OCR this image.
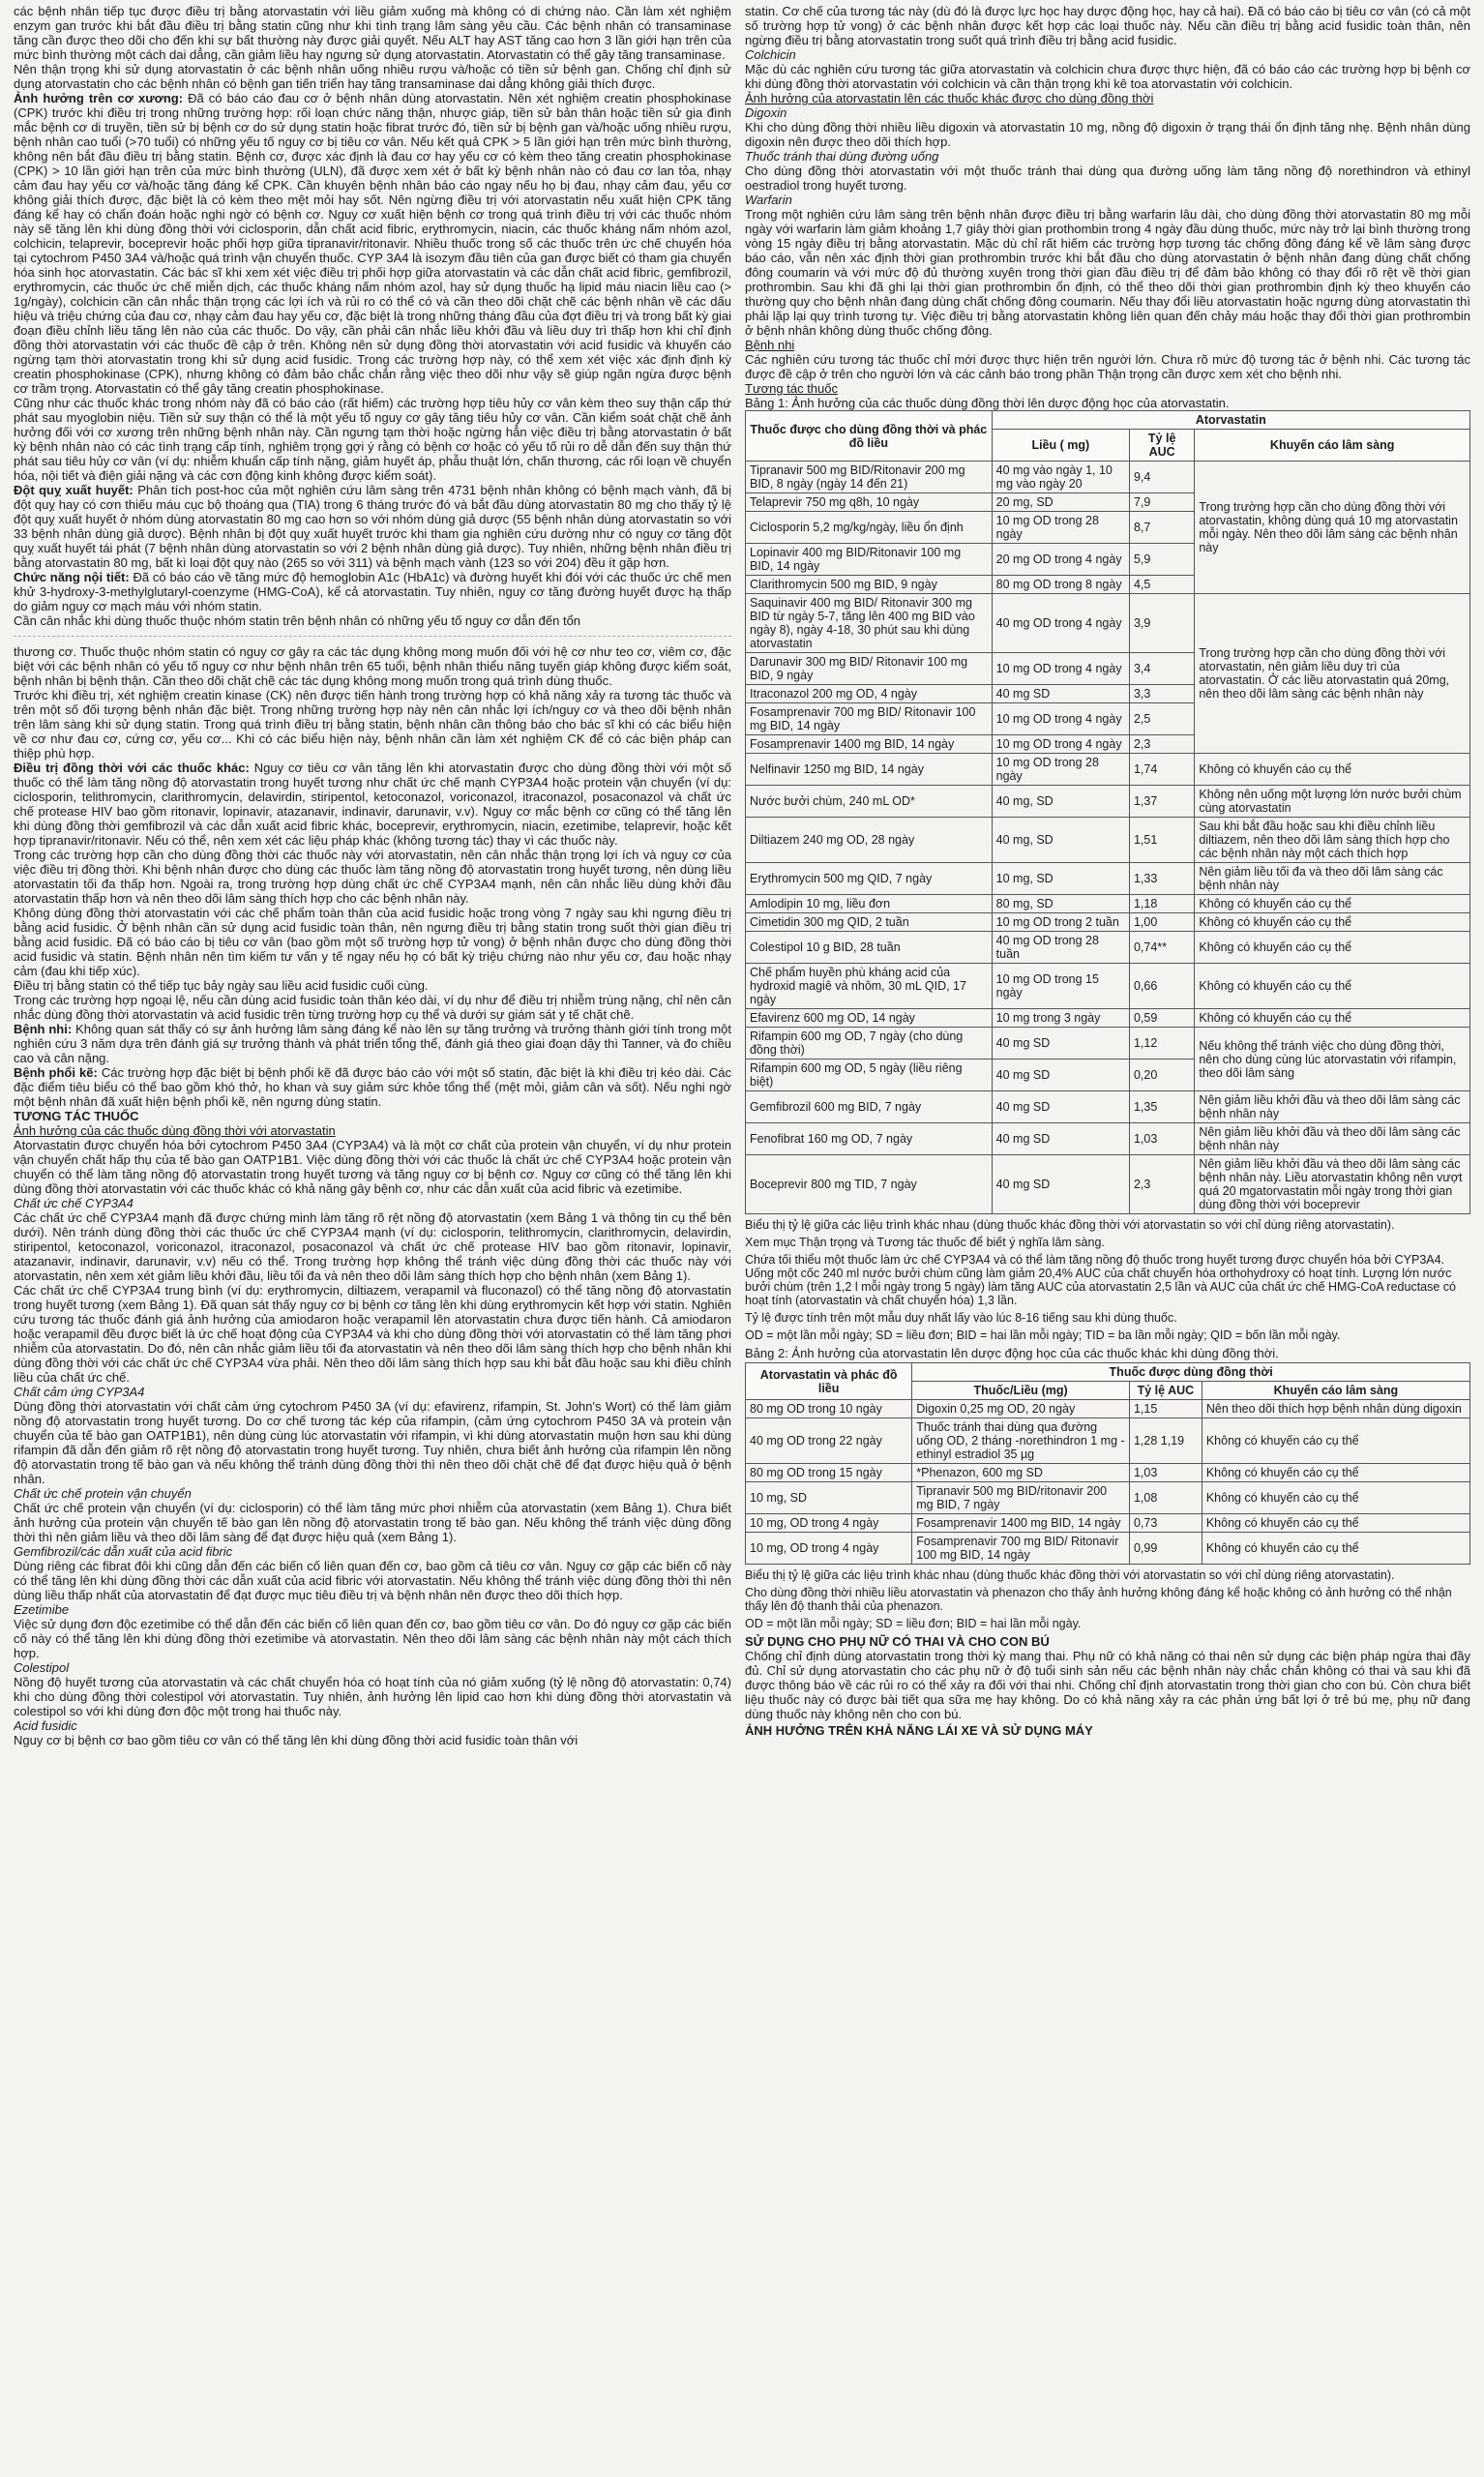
các bệnh nhân tiếp tục được điều trị bằng atorvastatin với liều giảm xuống mà không có di chứng nào. Cần làm xét nghiệm enzym gan trước khi bắt đầu điều trị bằng statin cũng như khi tình trạng lâm sàng yêu cầu. Các bệnh nhân có transaminase tăng cần được theo dõi cho đến khi sự bất thường này được giải quyết. Nếu ALT hay AST tăng cao hơn 3 lần giới hạn trên của mức bình thường một cách dai dẳng, cần giảm liều hay ngưng sử dụng atorvastatin. Atorvastatin có thể gây tăng transaminase.

Nên thận trọng khi sử dụng atorvastatin ở các bệnh nhân uống nhiều rượu và/hoặc có tiền sử bệnh gan. Chống chỉ định sử dụng atorvastatin cho các bệnh nhân có bệnh gan tiến triển hay tăng transaminase dai dẳng không giải thích được.

Ảnh hưởng trên cơ xương: Đã có báo cáo đau cơ ở bệnh nhân dùng atorvastatin. Nên xét nghiệm creatin phosphokinase (CPK) trước khi điều trị trong những trường hợp: rối loạn chức năng thận, nhược giáp, tiền sử bản thân hoặc tiền sử gia đình mắc bệnh cơ di truyền, tiền sử bị bệnh cơ do sử dụng statin hoặc fibrat trước đó, tiền sử bị bệnh gan và/hoặc uống nhiều rượu, bệnh nhân cao tuổi (>70 tuổi) có những yếu tố nguy cơ bị tiêu cơ vân. Nếu kết quả CPK > 5 lần giới hạn trên mức bình thường, không nên bắt đầu điều trị bằng statin. Bệnh cơ, được xác định là đau cơ hay yếu cơ có kèm theo tăng creatin phosphokinase (CPK) > 10 lần giới hạn trên của mức bình thường (ULN), đã được xem xét ở bất kỳ bệnh nhân nào có đau cơ lan tỏa, nhạy cảm đau hay yếu cơ và/hoặc tăng đáng kể CPK. Cần khuyên bệnh nhân báo cáo ngay nếu họ bị đau, nhạy cảm đau, yếu cơ không giải thích được, đặc biệt là có kèm theo mệt mỏi hay sốt. Nên ngừng điều trị với atorvastatin nếu xuất hiện CPK tăng đáng kể hay có chẩn đoán hoặc nghi ngờ có bệnh cơ. Nguy cơ xuất hiện bệnh cơ trong quá trình điều trị với các thuốc nhóm này sẽ tăng lên khi dùng đồng thời với ciclosporin, dẫn chất acid fibric, erythromycin, niacin, các thuốc kháng nấm nhóm azol, colchicin, telaprevir, boceprevir hoặc phối hợp giữa tipranavir/ritonavir. Nhiều thuốc trong số các thuốc trên ức chế chuyển hóa tại cytochrom P450 3A4 và/hoặc quá trình vận chuyển thuốc. CYP 3A4 là isozym đầu tiên của gan được biết có tham gia chuyển hóa sinh học atorvastatin. Các bác sĩ khi xem xét việc điều trị phối hợp giữa atorvastatin và các dẫn chất acid fibric, gemfibrozil, erythromycin, các thuốc ức chế miễn dịch, các thuốc kháng nấm nhóm azol, hay sử dụng thuốc hạ lipid máu niacin liều cao (> 1g/ngày), colchicin cần cân nhắc thận trọng các lợi ích và rủi ro có thể có và cần theo dõi chặt chẽ các bệnh nhân về các dấu hiệu và triệu chứng của đau cơ, nhạy cảm đau hay yếu cơ, đặc biệt là trong những tháng đầu của đợt điều trị và trong bất kỳ giai đoạn điều chỉnh liều tăng lên nào của các thuốc. Do vậy, cần phải cân nhắc liều khởi đầu và liều duy trì thấp hơn khi chỉ định đồng thời atorvastatin với các thuốc đề cập ở trên. Không nên sử dụng đồng thời atorvastatin với acid fusidic và khuyến cáo ngừng tạm thời atorvastatin trong khi sử dụng acid fusidic. Trong các trường hợp này, có thể xem xét việc xác định định kỳ creatin phosphokinase (CPK), nhưng không có đảm bảo chắc chắn rằng việc theo dõi như vậy sẽ giúp ngăn ngừa được bệnh cơ trầm trọng. Atorvastatin có thể gây tăng creatin phosphokinase.

Cũng như các thuốc khác trong nhóm này đã có báo cáo (rất hiếm) các trường hợp tiêu hủy cơ vân kèm theo suy thận cấp thứ phát sau myoglobin niệu. Tiền sử suy thận có thể là một yếu tố nguy cơ gây tăng tiêu hủy cơ vân. Cần kiểm soát chặt chẽ ảnh hưởng đối với cơ xương trên những bệnh nhân này. Cần ngưng tạm thời hoặc ngừng hẳn việc điều trị bằng atorvastatin ở bất kỳ bệnh nhân nào có các tình trạng cấp tính, nghiêm trọng gợi ý rằng có bệnh cơ hoặc có yếu tố rủi ro dễ dẫn đến suy thận thứ phát sau tiêu hủy cơ vân (ví dụ: nhiễm khuẩn cấp tính nặng, giảm huyết áp, phẫu thuật lớn, chấn thương, các rối loạn về chuyển hóa, nội tiết và điện giải nặng và các cơn động kinh không được kiểm soát).

Đột quỵ xuất huyết: Phân tích post-hoc của một nghiên cứu lâm sàng trên 4731 bệnh nhân không có bệnh mạch vành, đã bị đột quỵ hay có cơn thiếu máu cục bộ thoáng qua (TIA) trong 6 tháng trước đó và bắt đầu dùng atorvastatin 80 mg cho thấy tỷ lệ đột quỵ xuất huyết ở nhóm dùng atorvastatin 80 mg cao hơn so với nhóm dùng giả dược (55 bệnh nhân dùng atorvastatin so với 33 bệnh nhân dùng giả dược). Bệnh nhân bị đột quỵ xuất huyết trước khi tham gia nghiên cứu dường như có nguy cơ tăng đột quỵ xuất huyết tái phát (7 bệnh nhân dùng atorvastatin so với 2 bệnh nhân dùng giả dược). Tuy nhiên, những bệnh nhân điều trị bằng atorvastatin 80 mg, bất kì loại đột quỵ nào (265 so với 311) và bệnh mạch vành (123 so với 204) đều ít gặp hơn.

Chức năng nội tiết: Đã có báo cáo về tăng mức độ hemoglobin A1c (HbA1c) và đường huyết khi đói với các thuốc ức chế men khử 3-hydroxy-3-methylglutaryl-coenzyme (HMG-CoA), kể cả atorvastatin. Tuy nhiên, nguy cơ tăng đường huyết được hạ thấp do giảm nguy cơ mạch máu với nhóm statin.

Cần cân nhắc khi dùng thuốc thuộc nhóm statin trên bệnh nhân có những yếu tố nguy cơ dẫn đến tổn

thương cơ. Thuốc thuộc nhóm statin có nguy cơ gây ra các tác dụng không mong muốn đối với hệ cơ như teo cơ, viêm cơ, đặc biệt với các bệnh nhân có yếu tố nguy cơ như bệnh nhân trên 65 tuổi, bệnh nhân thiểu năng tuyến giáp không được kiểm soát, bệnh nhân bị bệnh thận. Cần theo dõi chặt chẽ các tác dụng không mong muốn trong quá trình dùng thuốc.

Trước khi điều trị, xét nghiệm creatin kinase (CK) nên được tiến hành trong trường hợp có khả năng xảy ra tương tác thuốc và trên một số đối tượng bệnh nhân đặc biệt. Trong những trường hợp này nên cân nhắc lợi ích/nguy cơ và theo dõi bệnh nhân trên lâm sàng khi sử dụng statin. Trong quá trình điều trị bằng statin, bệnh nhân cần thông báo cho bác sĩ khi có các biểu hiện về cơ như đau cơ, cứng cơ, yếu cơ... Khi có các biểu hiện này, bệnh nhân cần làm xét nghiệm CK để có các biện pháp can thiệp phù hợp.

Điều trị đồng thời với các thuốc khác: Nguy cơ tiêu cơ vân tăng lên khi atorvastatin được cho dùng đồng thời với một số thuốc có thể làm tăng nồng độ atorvastatin trong huyết tương như chất ức chế mạnh CYP3A4 hoặc protein vận chuyển (ví dụ: ciclosporin, telithromycin, clarithromycin, delavirdin, stiripentol, ketoconazol, voriconazol, itraconazol, posaconazol và chất ức chế protease HIV bao gồm ritonavir, lopinavir, atazanavir, indinavir, darunavir, v.v). Nguy cơ mắc bệnh cơ cũng có thể tăng lên khi dùng đồng thời gemfibrozil và các dẫn xuất acid fibric khác, boceprevir, erythromycin, niacin, ezetimibe, telaprevir, hoặc kết hợp tipranavir/ritonavir. Nếu có thể, nên xem xét các liệu pháp khác (không tương tác) thay vì các thuốc này.

Trong các trường hợp cần cho dùng đồng thời các thuốc này với atorvastatin, nên cân nhắc thận trọng lợi ích và nguy cơ của việc điều trị đồng thời. Khi bệnh nhân được cho dùng các thuốc làm tăng nồng độ atorvastatin trong huyết tương, nên dùng liều atorvastatin tối đa thấp hơn. Ngoài ra, trong trường hợp dùng chất ức chế CYP3A4 mạnh, nên cân nhắc liều dùng khởi đầu atorvastatin thấp hơn và nên theo dõi lâm sàng thích hợp cho các bệnh nhân này.

Không dùng đồng thời atorvastatin với các chế phẩm toàn thân của acid fusidic hoặc trong vòng 7 ngày sau khi ngưng điều trị bằng acid fusidic. Ở bệnh nhân cần sử dụng acid fusidic toàn thân, nên ngưng điều trị bằng statin trong suốt thời gian điều trị bằng acid fusidic. Đã có báo cáo bị tiêu cơ vân (bao gồm một số trường hợp tử vong) ở bệnh nhân được cho dùng đồng thời acid fusidic và statin. Bệnh nhân nên tìm kiếm tư vấn y tế ngay nếu họ có bất kỳ triệu chứng nào như yếu cơ, đau hoặc nhạy cảm (đau khi tiếp xúc).

Điều trị bằng statin có thể tiếp tục bảy ngày sau liều acid fusidic cuối cùng.

Trong các trường hợp ngoại lệ, nếu cần dùng acid fusidic toàn thân kéo dài, ví dụ như để điều trị nhiễm trùng nặng, chỉ nên cân nhắc dùng đồng thời atorvastatin và acid fusidic trên từng trường hợp cụ thể và dưới sự giám sát y tế chặt chẽ.

Bệnh nhi: Không quan sát thấy có sự ảnh hưởng lâm sàng đáng kể nào lên sự tăng trưởng và trưởng thành giới tính trong một nghiên cứu 3 năm dựa trên đánh giá sự trưởng thành và phát triển tổng thể, đánh giá theo giai đoạn dậy thì Tanner, và đo chiều cao và cân nặng.

Bệnh phổi kẽ: Các trường hợp đặc biệt bị bệnh phổi kẽ đã được báo cáo với một số statin, đặc biệt là khi điều trị kéo dài. Các đặc điểm tiêu biểu có thể bao gồm khó thở, ho khan và suy giảm sức khỏe tổng thể (mệt mỏi, giảm cân và sốt). Nếu nghi ngờ một bệnh nhân đã xuất hiện bệnh phổi kẽ, nên ngưng dùng statin.

TƯƠNG TÁC THUỐC

Ảnh hưởng của các thuốc dùng đồng thời với atorvastatin

Atorvastatin được chuyển hóa bởi cytochrom P450 3A4 (CYP3A4) và là một cơ chất của protein vận chuyển, ví dụ như protein vận chuyển chất hấp thụ của tế bào gan OATP1B1. Việc dùng đồng thời với các thuốc là chất ức chế CYP3A4 hoặc protein vận chuyển có thể làm tăng nồng độ atorvastatin trong huyết tương và tăng nguy cơ bị bệnh cơ. Nguy cơ cũng có thể tăng lên khi dùng đồng thời atorvastatin với các thuốc khác có khả năng gây bệnh cơ, như các dẫn xuất của acid fibric và ezetimibe.

Chất ức chế CYP3A4

Các chất ức chế CYP3A4 mạnh đã được chứng minh làm tăng rõ rệt nồng độ atorvastatin (xem Bảng 1 và thông tin cụ thể bên dưới). Nên tránh dùng đồng thời các thuốc ức chế CYP3A4 mạnh (ví dụ: ciclosporin, telithromycin, clarithromycin, delavirdin, stiripentol, ketoconazol, voriconazol, itraconazol, posaconazol và chất ức chế protease HIV bao gồm ritonavir, lopinavir, atazanavir, indinavir, darunavir, v.v) nếu có thể. Trong trường hợp không thể tránh việc dùng đồng thời các thuốc này với atorvastatin, nên xem xét giảm liều khởi đầu, liều tối đa và nên theo dõi lâm sàng thích hợp cho bệnh nhân (xem Bảng 1).

Các chất ức chế CYP3A4 trung bình (ví dụ: erythromycin, diltiazem, verapamil và fluconazol) có thể tăng nồng độ atorvastatin trong huyết tương (xem Bảng 1). Đã quan sát thấy nguy cơ bị bệnh cơ tăng lên khi dùng erythromycin kết hợp với statin. Nghiên cứu tương tác thuốc đánh giá ảnh hưởng của amiodaron hoặc verapamil lên atorvastatin chưa được tiến hành. Cả amiodaron hoặc verapamil đều được biết là ức chế hoạt động của CYP3A4 và khi cho dùng đồng thời với atorvastatin có thể làm tăng phơi nhiễm của atorvastatin. Do đó, nên cân nhắc giảm liều tối đa atorvastatin và nên theo dõi lâm sàng thích hợp cho bệnh nhân khi dùng đồng thời với các chất ức chế CYP3A4 vừa phải. Nên theo dõi lâm sàng thích hợp sau khi bắt đầu hoặc sau khi điều chỉnh liều của chất ức chế.

Chất cảm ứng CYP3A4

Dùng đồng thời atorvastatin với chất cảm ứng cytochrom P450 3A (ví dụ: efavirenz, rifampin, St. John's Wort) có thể làm giảm nồng độ atorvastatin trong huyết tương. Do cơ chế tương tác kép của rifampin, (cảm ứng cytochrom P450 3A và protein vận chuyển của tế bào gan OATP1B1), nên dùng cùng lúc atorvastatin với rifampin, vì khi dùng atorvastatin muộn hơn sau khi dùng rifampin đã dẫn đến giảm rõ rệt nồng độ atorvastatin trong huyết tương. Tuy nhiên, chưa biết ảnh hưởng của rifampin lên nồng độ atorvastatin trong tế bào gan và nếu không thể tránh dùng đồng thời thì nên theo dõi chặt chẽ để đạt được hiệu quả ở bệnh nhân.

Chất ức chế protein vận chuyển

Chất ức chế protein vận chuyển (ví dụ: ciclosporin) có thể làm tăng mức phơi nhiễm của atorvastatin (xem Bảng 1). Chưa biết ảnh hưởng của protein vận chuyển tế bào gan lên nồng độ atorvastatin trong tế bào gan. Nếu không thể tránh việc dùng đồng thời thì nên giảm liều và theo dõi lâm sàng để đạt được hiệu quả (xem Bảng 1).

Gemfibrozil/các dẫn xuất của acid fibric

Dùng riêng các fibrat đôi khi cũng dẫn đến các biến cố liên quan đến cơ, bao gồm cả tiêu cơ vân. Nguy cơ gặp các biến cố này có thể tăng lên khi dùng đồng thời các dẫn xuất của acid fibric với atorvastatin. Nếu không thể tránh việc dùng đồng thời thì nên dùng liều thấp nhất của atorvastatin để đạt được mục tiêu điều trị và bệnh nhân nên được theo dõi thích hợp.

Ezetimibe

Việc sử dụng đơn độc ezetimibe có thể dẫn đến các biến cố liên quan đến cơ, bao gồm tiêu cơ vân. Do đó nguy cơ gặp các biến cố này có thể tăng lên khi dùng đồng thời ezetimibe và atorvastatin. Nên theo dõi lâm sàng các bệnh nhân này một cách thích hợp.

Colestipol

Nồng độ huyết tương của atorvastatin và các chất chuyển hóa có hoạt tính của nó giảm xuống (tỷ lệ nồng độ atorvastatin: 0,74) khi cho dùng đồng thời colestipol với atorvastatin. Tuy nhiên, ảnh hưởng lên lipid cao hơn khi dùng đồng thời atorvastatin và colestipol so với khi dùng đơn độc một trong hai thuốc này.

Acid fusidic

Nguy cơ bị bệnh cơ bao gồm tiêu cơ vân có thể tăng lên khi dùng đồng thời acid fusidic toàn thân với

statin. Cơ chế của tương tác này (dù đó là được lực học hay dược động học, hay cả hai). Đã có báo cáo bị tiêu cơ vân (có cả một số trường hợp tử vong) ở các bệnh nhân được kết hợp các loại thuốc này. Nếu cần điều trị bằng acid fusidic toàn thân, nên ngừng điều trị bằng atorvastatin trong suốt quá trình điều trị bằng acid fusidic.

Colchicin

Mặc dù các nghiên cứu tương tác giữa atorvastatin và colchicin chưa được thực hiện, đã có báo cáo các trường hợp bị bệnh cơ khi dùng đồng thời atorvastatin với colchicin và cần thận trọng khi kê toa atorvastatin với colchicin.

Ảnh hưởng của atorvastatin lên các thuốc khác được cho dùng đồng thời

Digoxin

Khi cho dùng đồng thời nhiều liều digoxin và atorvastatin 10 mg, nồng độ digoxin ở trạng thái ổn định tăng nhẹ. Bệnh nhân dùng digoxin nên được theo dõi thích hợp.

Thuốc tránh thai dùng đường uống

Cho dùng đồng thời atorvastatin với một thuốc tránh thai dùng qua đường uống làm tăng nồng độ norethindron và ethinyl oestradiol trong huyết tương.

Warfarin

Trong một nghiên cứu lâm sàng trên bệnh nhân được điều trị bằng warfarin lâu dài, cho dùng đồng thời atorvastatin 80 mg mỗi ngày với warfarin làm giảm khoảng 1,7 giây thời gian prothombin trong 4 ngày đầu dùng thuốc, mức này trở lại bình thường trong vòng 15 ngày điều trị bằng atorvastatin. Mặc dù chỉ rất hiếm các trường hợp tương tác chống đông đáng kể về lâm sàng được báo cáo, vẫn nên xác định thời gian prothrombin trước khi bắt đầu cho dùng atorvastatin ở bệnh nhân đang dùng chất chống đông coumarin và với mức độ đủ thường xuyên trong thời gian đầu điều trị để đảm bảo không có thay đổi rõ rệt về thời gian prothrombin. Sau khi đã ghi lại thời gian prothrombin ổn định, có thể theo dõi thời gian prothrombin định kỳ theo khuyến cáo thường quy cho bệnh nhân đang dùng chất chống đông coumarin. Nếu thay đổi liều atorvastatin hoặc ngưng dùng atorvastatin thì phải lặp lại quy trình tương tự. Việc điều trị bằng atorvastatin không liên quan đến chảy máu hoặc thay đổi thời gian prothrombin ở bệnh nhân không dùng thuốc chống đông.

Bệnh nhi

Các nghiên cứu tương tác thuốc chỉ mới được thực hiện trên người lớn. Chưa rõ mức độ tương tác ở bệnh nhi. Các tương tác được đề cập ở trên cho người lớn và các cảnh báo trong phần Thận trọng cần được xem xét cho bệnh nhi.

Tương tác thuốc

Bảng 1: Ảnh hưởng của các thuốc dùng đồng thời lên dược động học của atorvastatin.

Thuốc được cho dùng đồng thời và phác đồ liều	Atorvastatin		
	Liều ( mg)	Tỷ lệ AUC	Khuyến cáo lâm sàng
Tipranavir 500 mg BID/Ritonavir 200 mg BID, 8 ngày (ngày 14 đến 21)	40 mg vào ngày 1, 10 mg vào ngày 20	9,4	Trong trường hợp cần cho dùng đồng thời với atorvastatin, không dùng quá 10 mg atorvastatin mỗi ngày. Nên theo dõi lâm sàng các bệnh nhân này
Telaprevir 750 mg q8h, 10 ngày	20 mg, SD	7,9	
Ciclosporin 5,2 mg/kg/ngày, liều ổn định	10 mg OD trong 28 ngày	8,7	
Lopinavir 400 mg BID/Ritonavir 100 mg BID, 14 ngày	20 mg OD trong 4 ngày	5,9	
Clarithromycin 500 mg BID, 9 ngày	80 mg OD trong 8 ngày	4,5	
Saquinavir 400 mg BID/ Ritonavir 300 mg BID từ ngày 5-7, tăng lên 400 mg BID vào ngày 8), ngày 4-18, 30 phút sau khi dùng atorvastatin	40 mg OD trong 4 ngày	3,9	Trong trường hợp cần cho dùng đồng thời với atorvastatin, nên giảm liều duy trì của atorvastatin. Ở các liều atorvastatin quá 20mg, nên theo dõi lâm sàng các bệnh nhân này
Darunavir 300 mg BID/ Ritonavir 100 mg BID, 9 ngày	10 mg OD trong 4 ngày	3,4	
Itraconazol 200 mg OD, 4 ngày	40 mg SD	3,3	
Fosamprenavir 700 mg BID/ Ritonavir 100 mg BID, 14 ngày	10 mg OD trong 4 ngày	2,5	
Fosamprenavir 1400 mg BID, 14 ngày	10 mg OD trong 4 ngày	2,3	
Nelfinavir 1250 mg BID, 14 ngày	10 mg OD trong 28 ngày	1,74	Không có khuyến cáo cụ thể
Nước bưởi chùm, 240 mL OD*	40 mg, SD	1,37	Không nên uống một lượng lớn nước bưởi chùm cùng atorvastatin
Diltiazem 240 mg OD, 28 ngày	40 mg, SD	1,51	Sau khi bắt đầu hoặc sau khi điều chỉnh liều diltiazem, nên theo dõi lâm sàng thích hợp cho các bệnh nhân này một cách thích hợp
Erythromycin 500 mg QID, 7 ngày	10 mg, SD	1,33	Nên giảm liều tối đa và theo dõi lâm sàng các bệnh nhân này
Amlodipin 10 mg, liều đơn	80 mg, SD	1,18	Không có khuyến cáo cụ thể
Cimetidin 300 mg QID, 2 tuần	10 mg OD trong 2 tuần	1,00	Không có khuyến cáo cụ thể
Colestipol 10 g BID, 28 tuần	40 mg OD trong 28 tuần	0,74**	Không có khuyến cáo cụ thể
Chế phẩm huyền phù kháng acid của hydroxid magiê và nhôm, 30 mL QID, 17 ngày	10 mg OD trong 15 ngày	0,66	Không có khuyến cáo cụ thể
Efavirenz 600 mg OD, 14 ngày	10 mg trong 3 ngày	0,59	Không có khuyến cáo cụ thể
Rifampin 600 mg OD, 7 ngày (cho dùng đồng thời)	40 mg SD	1,12	Nếu không thể tránh việc cho dùng đồng thời, nên cho dùng cùng lúc atorvastatin với rifampin, theo dõi lâm sàng
Rifampin 600 mg OD, 5 ngày (liều riêng biệt)	40 mg SD	0,20	
Gemfibrozil 600 mg BID, 7 ngày	40 mg SD	1,35	Nên giảm liều khởi đầu và theo dõi lâm sàng các bệnh nhân này
Fenofibrat 160 mg OD, 7 ngày	40 mg SD	1,03	Nên giảm liều khởi đầu và theo dõi lâm sàng các bệnh nhân này
Boceprevir 800 mg TID, 7 ngày	40 mg SD	2,3	Nên giảm liều khởi đầu và theo dõi lâm sàng các bệnh nhân này. Liều atorvastatin không nên vượt quá 20 mgatorvastatin mỗi ngày trong thời gian dùng đồng thời với boceprevir

Biểu thị tỷ lệ giữa các liệu trình khác nhau (dùng thuốc khác đồng thời với atorvastatin so với chỉ dùng riêng atorvastatin).

Xem mục Thận trọng và Tương tác thuốc để biết ý nghĩa lâm sàng.

Chứa tối thiểu một thuốc làm ức chế CYP3A4 và có thể làm tăng nồng độ thuốc trong huyết tương được chuyển hóa bởi CYP3A4. Uống một cốc 240 ml nước bưởi chùm cũng làm giảm 20,4% AUC của chất chuyển hóa orthohydroxy có hoạt tính. Lượng lớn nước bưởi chùm (trên 1,2 l mỗi ngày trong 5 ngày) làm tăng AUC của atorvastatin 2,5 lần và AUC của chất ức chế HMG-CoA reductase có hoạt tính (atorvastatin và chất chuyển hóa) 1,3 lần.

Tỷ lệ được tính trên một mẫu duy nhất lấy vào lúc 8-16 tiếng sau khi dùng thuốc.

OD = một lần mỗi ngày; SD = liều đơn; BID = hai lần mỗi ngày; TID = ba lần mỗi ngày; QID = bốn lần mỗi ngày.

Bảng 2: Ảnh hưởng của atorvastatin lên dược động học của các thuốc khác khi dùng đồng thời.

Atorvastatin và phác đồ liều	Thuốc được dùng đồng thời		
	Thuốc/Liều (mg)	Tỷ lệ AUC	Khuyến cáo lâm sàng
80 mg OD trong 10 ngày	Digoxin 0,25 mg OD, 20 ngày	1,15	Nên theo dõi thích hợp bệnh nhân dùng digoxin
40 mg OD trong 22 ngày	Thuốc tránh thai dùng qua đường uống OD, 2 tháng -norethindron 1 mg -ethinyl estradiol 35 µg	1,28 1,19	Không có khuyến cáo cụ thể
80 mg OD trong 15 ngày	*Phenazon, 600 mg SD	1,03	Không có khuyến cáo cụ thể
10 mg, SD	Tipranavir 500 mg BID/ritonavir 200 mg BID, 7 ngày	1,08	Không có khuyến cáo cụ thể
10 mg, OD trong 4 ngày	Fosamprenavir 1400 mg BID, 14 ngày	0,73	Không có khuyến cáo cụ thể
10 mg, OD trong 4 ngày	Fosamprenavir 700 mg BID/ Ritonavir 100 mg BID, 14 ngày	0,99	Không có khuyến cáo cụ thể

Biểu thị tỷ lệ giữa các liệu trình khác nhau (dùng thuốc khác đồng thời với atorvastatin so với chỉ dùng riêng atorvastatin).

Cho dùng đồng thời nhiều liều atorvastatin và phenazon cho thấy ảnh hưởng không đáng kể hoặc không có ảnh hưởng có thể nhận thấy lên độ thanh thải của phenazon.

OD = một lần mỗi ngày; SD = liều đơn; BID = hai lần mỗi ngày.

SỬ DỤNG CHO PHỤ NỮ CÓ THAI VÀ CHO CON BÚ

Chống chỉ định dùng atorvastatin trong thời kỳ mang thai. Phụ nữ có khả năng có thai nên sử dụng các biện pháp ngừa thai đầy đủ. Chỉ sử dụng atorvastatin cho các phụ nữ ở độ tuổi sinh sản nếu các bệnh nhân này chắc chắn không có thai và sau khi đã được thông báo về các rủi ro có thể xảy ra đối với thai nhi. Chống chỉ định atorvastatin trong thời gian cho con bú. Còn chưa biết liệu thuốc này có được bài tiết qua sữa mẹ hay không. Do có khả năng xảy ra các phản ứng bất lợi ở trẻ bú mẹ, phụ nữ đang dùng thuốc này không nên cho con bú.

ẢNH HƯỞNG TRÊN KHẢ NĂNG LÁI XE VÀ SỬ DỤNG MÁY
